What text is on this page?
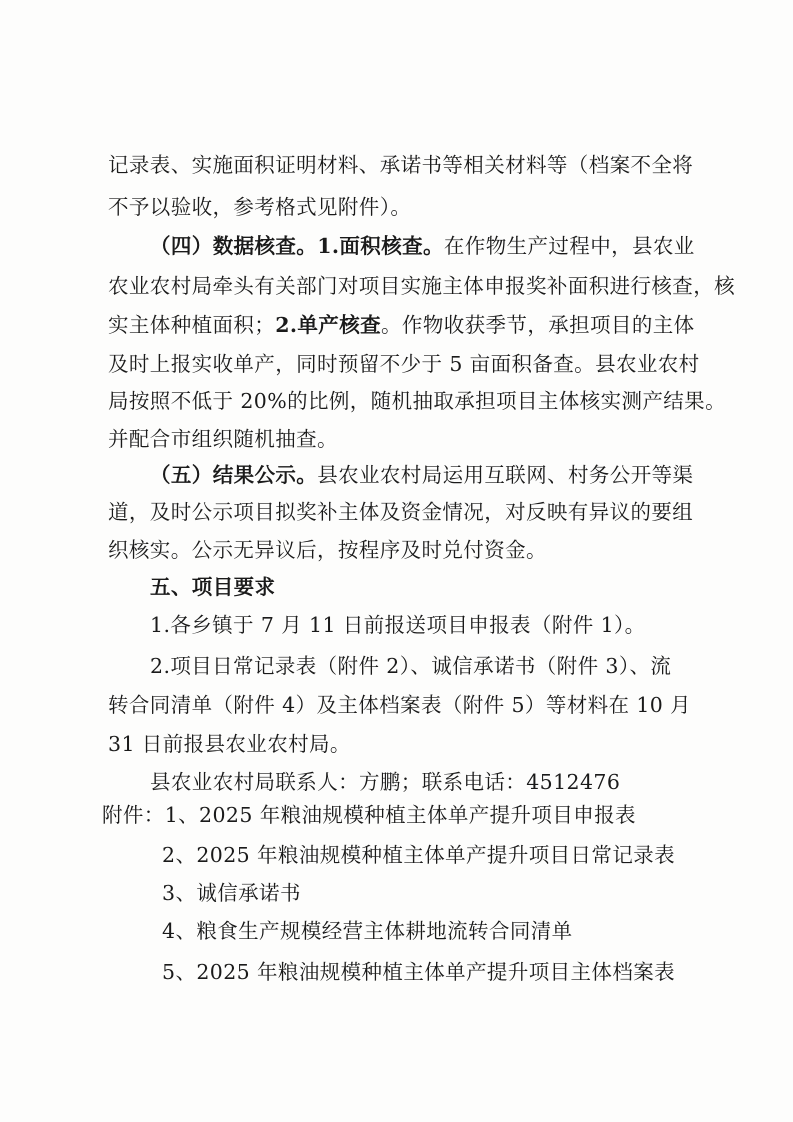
记录表、实施面积证明材料、承诺书等相关材料等（档案不全将
不予以验收，参考格式见附件）。
（四）数据核查。1.面积核查。在作物生产过程中，县农业
农业农村局牵头有关部门对项目实施主体申报奖补面积进行核查，核
实主体种植面积；2.单产核查。作物收获季节，承担项目的主体
及时上报实收单产，同时预留不少于 5 亩面积备查。县农业农村
局按照不低于 20%的比例，随机抽取承担项目主体核实测产结果。
并配合市组织随机抽查。
（五）结果公示。县农业农村局运用互联网、村务公开等渠
道，及时公示项目拟奖补主体及资金情况，对反映有异议的要组
织核实。公示无异议后，按程序及时兑付资金。
五、项目要求
1.各乡镇于 7 月 11 日前报送项目申报表（附件 1）。
2.项目日常记录表（附件 2）、诚信承诺书（附件 3）、流
转合同清单（附件 4）及主体档案表（附件 5）等材料在 10 月
31 日前报县农业农村局。
县农业农村局联系人：方鹏；联系电话：4512476
附件：1、2025 年粮油规模种植主体单产提升项目申报表
2、2025 年粮油规模种植主体单产提升项目日常记录表
3、诚信承诺书
4、粮食生产规模经营主体耕地流转合同清单
5、2025 年粮油规模种植主体单产提升项目主体档案表
